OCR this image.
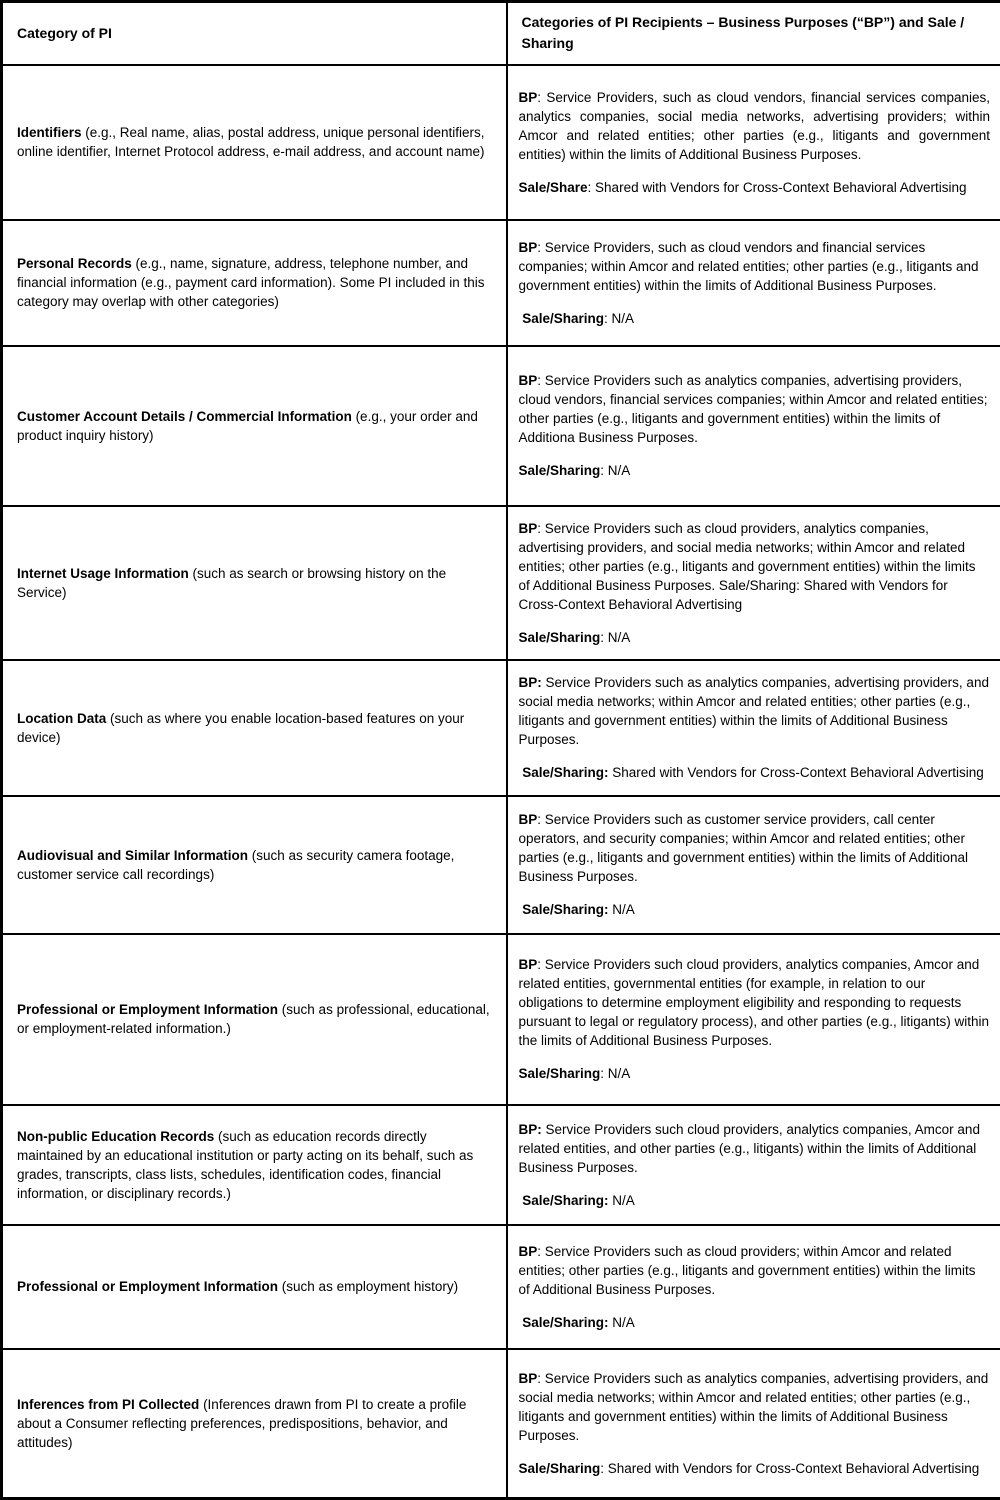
Category of PI	Categories of PI Recipients – Business Purposes (“BP”) and Sale / Sharing

Identifiers (e.g., Real name, alias, postal address, unique personal identifiers, online identifier, Internet Protocol address, e-mail address, and account name)	BP: Service Providers, such as cloud vendors, financial services companies, analytics companies, social media networks, advertising providers; within Amcor and related entities; other parties (e.g., litigants and government entities) within the limits of Additional Business Purposes.

Sale/Share: Shared with Vendors for Cross-Context Behavioral Advertising

Personal Records (e.g., name, signature, address, telephone number, and financial information (e.g., payment card information). Some PI included in this category may overlap with other categories)	BP: Service Providers, such as cloud vendors and financial services companies; within Amcor and related entities; other parties (e.g., litigants and government entities) within the limits of Additional Business Purposes.

Sale/Sharing: N/A

Customer Account Details / Commercial Information (e.g., your order and product inquiry history)	BP: Service Providers such as analytics companies, advertising providers, cloud vendors, financial services companies; within Amcor and related entities; other parties (e.g., litigants and government entities) within the limits of Additiona Business Purposes.

Sale/Sharing: N/A

Internet Usage Information (such as search or browsing history on the Service)	BP: Service Providers such as cloud providers, analytics companies, advertising providers, and social media networks; within Amcor and related entities; other parties (e.g., litigants and government entities) within the limits of Additional Business Purposes. Sale/Sharing: Shared with Vendors for Cross-Context Behavioral Advertising

Sale/Sharing: N/A

Location Data (such as where you enable location-based features on your device)	BP: Service Providers such as analytics companies, advertising providers, and social media networks; within Amcor and related entities; other parties (e.g., litigants and government entities) within the limits of Additional Business Purposes.

Sale/Sharing: Shared with Vendors for Cross-Context Behavioral Advertising

Audiovisual and Similar Information (such as security camera footage, customer service call recordings)	BP: Service Providers such as customer service providers, call center operators, and security companies; within Amcor and related entities; other parties (e.g., litigants and government entities) within the limits of Additional Business Purposes.

Sale/Sharing: N/A

Professional or Employment Information (such as professional, educational, or employment-related information.)	BP: Service Providers such cloud providers, analytics companies, Amcor and related entities, governmental entities (for example, in relation to our obligations to determine employment eligibility and responding to requests pursuant to legal or regulatory process), and other parties (e.g., litigants) within the limits of Additional Business Purposes.

Sale/Sharing: N/A

Non-public Education Records (such as education records directly maintained by an educational institution or party acting on its behalf, such as grades, transcripts, class lists, schedules, identification codes, financial information, or disciplinary records.)	BP: Service Providers such cloud providers, analytics companies, Amcor and related entities, and other parties (e.g., litigants) within the limits of Additional Business Purposes.

Sale/Sharing: N/A

Professional or Employment Information (such as employment history)	BP: Service Providers such as cloud providers; within Amcor and related entities; other parties (e.g., litigants and government entities) within the limits of Additional Business Purposes.

Sale/Sharing: N/A

Inferences from PI Collected (Inferences drawn from PI to create a profile about a Consumer reflecting preferences, predispositions, behavior, and attitudes)	BP: Service Providers such as analytics companies, advertising providers, and social media networks; within Amcor and related entities; other parties (e.g., litigants and government entities) within the limits of Additional Business Purposes.

Sale/Sharing: Shared with Vendors for Cross-Context Behavioral Advertising
